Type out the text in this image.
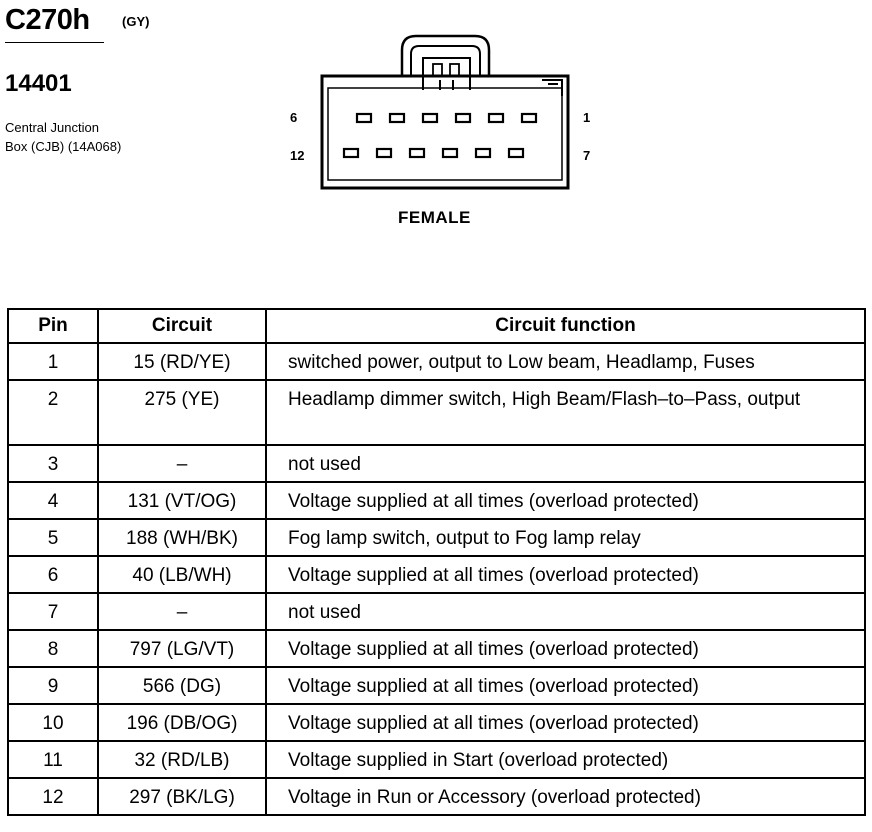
C270h (GY)
14401
Central Junction
Box (CJB) (14A068)
6	1
12	7
FEMALE
Pin	Circuit	Circuit function
1	15 (RD/YE)	switched power, output to Low beam, Headlamp, Fuses
2	275 (YE)	Headlamp dimmer switch, High Beam/Flash–to–Pass, output
3	–	not used
4	131 (VT/OG)	Voltage supplied at all times (overload protected)
5	188 (WH/BK)	Fog lamp switch, output to Fog lamp relay
6	40 (LB/WH)	Voltage supplied at all times (overload protected)
7	–	not used
8	797 (LG/VT)	Voltage supplied at all times (overload protected)
9	566 (DG)	Voltage supplied at all times (overload protected)
10	196 (DB/OG)	Voltage supplied at all times (overload protected)
11	32 (RD/LB)	Voltage supplied in Start (overload protected)
12	297 (BK/LG)	Voltage in Run or Accessory (overload protected)
